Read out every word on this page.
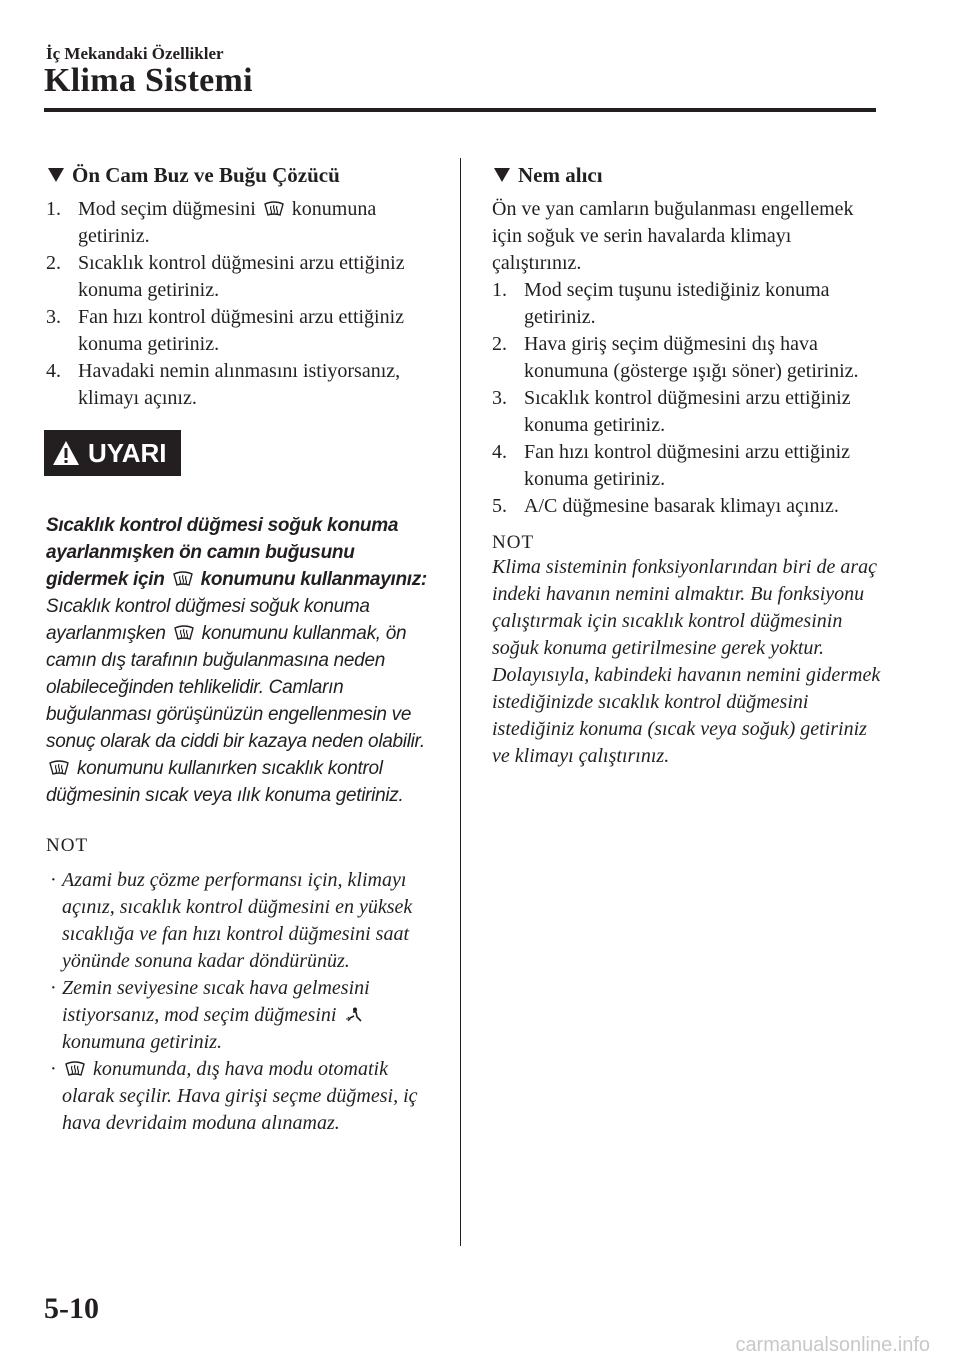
İç Mekandaki Özellikler
Klima Sistemi
Ön Cam Buz ve Buğu Çözücü
1. Mod seçim düğmesini konumuna getiriniz.
2. Sıcaklık kontrol düğmesini arzu ettiğiniz konuma getiriniz.
3. Fan hızı kontrol düğmesini arzu ettiğiniz konuma getiriniz.
4. Havadaki nemin alınmasını istiyorsanız, klimayı açınız.
UYARI
Sıcaklık kontrol düğmesi soğuk konuma ayarlanmışken ön camın buğusunu gidermek için konumunu kullanmayınız:
Sıcaklık kontrol düğmesi soğuk konuma ayarlanmışken konumunu kullanmak, ön camın dış tarafının buğulanmasına neden olabileceğinden tehlikelidir. Camların buğulanması görüşünüzün engellenmesin ve sonuç olarak da ciddi bir kazaya neden olabilir.  konumunu kullanırken sıcaklık kontrol düğmesinin sıcak veya ılık konuma getiriniz.
NOT
· Azami buz çözme performansı için, klimayı açınız, sıcaklık kontrol düğmesini en yüksek sıcaklığa ve fan hızı kontrol düğmesini saat yönünde sonuna kadar döndürünüz.
· Zemin seviyesine sıcak hava gelmesini istiyorsanız, mod seçim düğmesini  konumuna getiriniz.
· konumunda, dış hava modu otomatik olarak seçilir. Hava girişi seçme düğmesi, iç hava devridaim moduna alınamaz.
Nem alıcı
Ön ve yan camların buğulanması engellemek için soğuk ve serin havalarda klimayı çalıştırınız.
1. Mod seçim tuşunu istediğiniz konuma getiriniz.
2. Hava giriş seçim düğmesini dış hava konumuna (gösterge ışığı söner) getiriniz.
3. Sıcaklık kontrol düğmesini arzu ettiğiniz konuma getiriniz.
4. Fan hızı kontrol düğmesini arzu ettiğiniz konuma getiriniz.
5. A/C düğmesine basarak klimayı açınız.
NOT
Klima sisteminin fonksiyonlarından biri de araç indeki havanın nemini almaktır. Bu fonksiyonu çalıştırmak için sıcaklık kontrol düğmesinin soğuk konuma getirilmesine gerek yoktur. Dolayısıyla, kabindeki havanın nemini gidermek istediğinizde sıcaklık kontrol düğmesini istediğiniz konuma (sıcak veya soğuk) getiriniz ve klimayı çalıştırınız.
5-10
carmanualsonline.info
